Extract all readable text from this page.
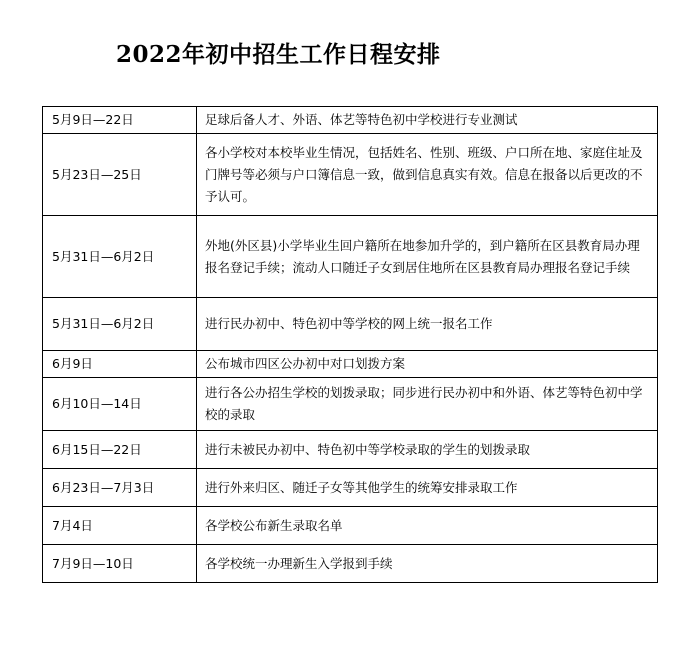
2022年初中招生工作日程安排
5月9日—22日	足球后备人才、外语、体艺等特色初中学校进行专业测试
5月23日—25日	各小学校对本校毕业生情况，包括姓名、性别、班级、户口所在地、家庭住址及门牌号等必须与户口簿信息一致，做到信息真实有效。信息在报备以后更改的不予认可。
5月31日—6月2日	外地(外区县)小学毕业生回户籍所在地参加升学的，到户籍所在区县教育局办理报名登记手续；流动人口随迁子女到居住地所在区县教育局办理报名登记手续
5月31日—6月2日	进行民办初中、特色初中等学校的网上统一报名工作
6月9日	公布城市四区公办初中对口划拨方案
6月10日—14日	进行各公办招生学校的划拨录取；同步进行民办初中和外语、体艺等特色初中学校的录取
6月15日—22日	进行未被民办初中、特色初中等学校录取的学生的划拨录取
6月23日—7月3日	进行外来归区、随迁子女等其他学生的统筹安排录取工作
7月4日	各学校公布新生录取名单
7月9日—10日	各学校统一办理新生入学报到手续
